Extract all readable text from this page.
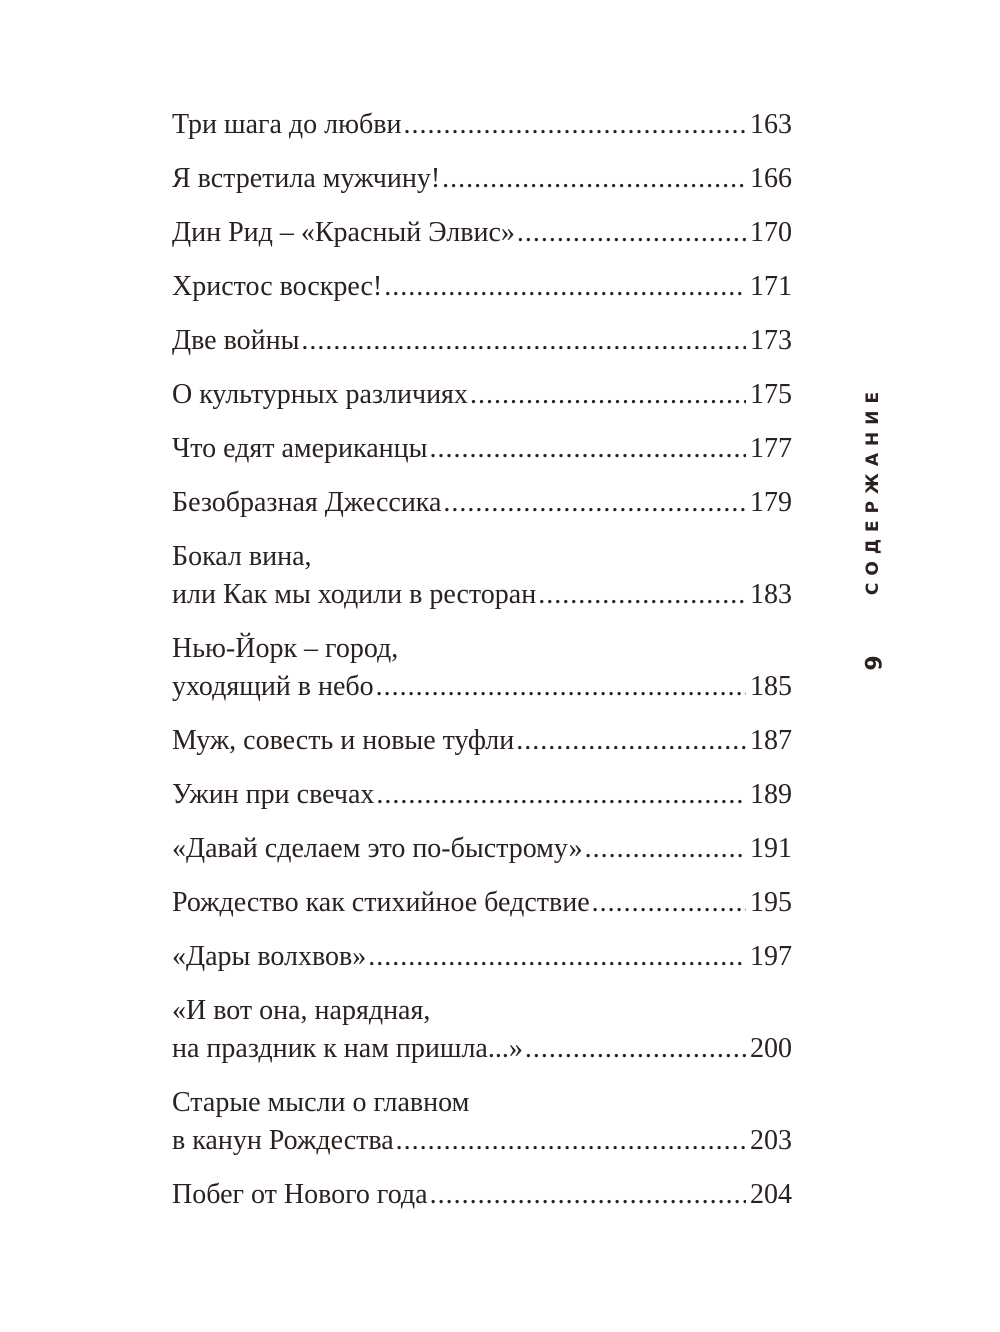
Три шага до любви .....	163
Я встретила мужчину! .....	166
Дин Рид – «Красный Элвис» .....	170
Христос воскрес! .....	171
Две войны .....	173
О культурных различиях .....	175
Что едят американцы .....	177
Безобразная Джессика .....	179
Бокал вина,
или Как мы ходили в ресторан .....	183
Нью-Йорк – город,
уходящий в небо .....	185
Муж, совесть и новые туфли .....	187
Ужин при свечах .....	189
«Давай сделаем это по-быстрому» .....	191
Рождество как стихийное бедствие .....	195
«Дары волхвов» .....	197
«И вот она, нарядная,
на праздник к нам пришла...» .....	200
Старые мысли о главном
в канун Рождества .....	203
Побег от Нового года .....	204
СОДЕРЖАНИЕ
9
